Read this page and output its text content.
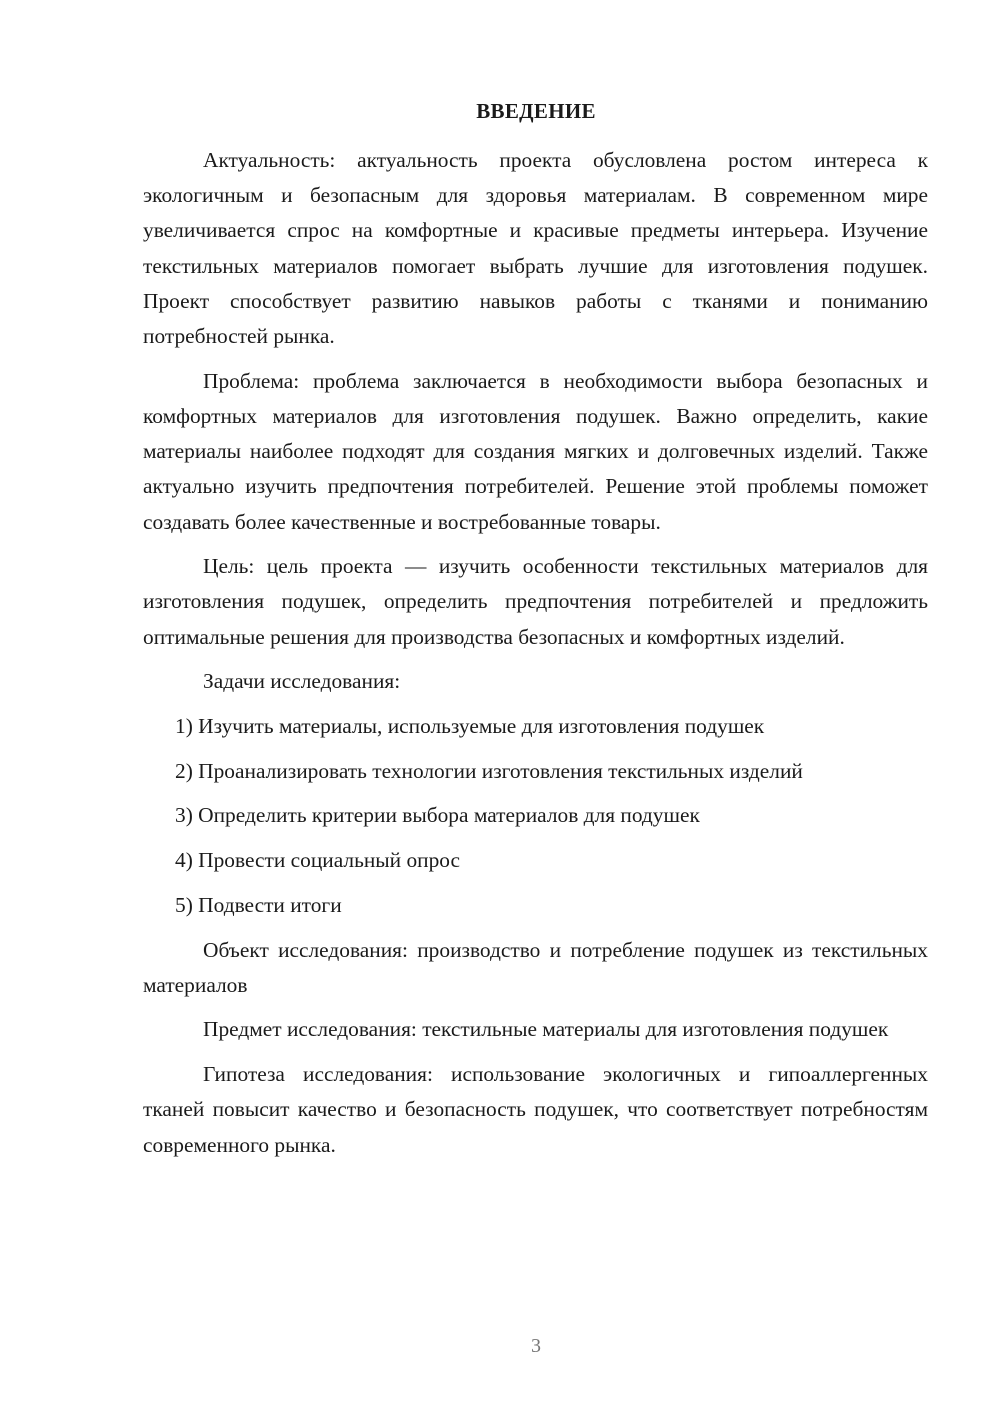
ВВЕДЕНИЕ

Актуальность: актуальность проекта обусловлена ростом интереса к экологичным и безопасным для здоровья материалам. В современном мире увеличивается спрос на комфортные и красивые предметы интерьера. Изучение текстильных материалов помогает выбрать лучшие для изготовления подушек. Проект способствует развитию навыков работы с тканями и пониманию потребностей рынка.

Проблема: проблема заключается в необходимости выбора безопасных и комфортных материалов для изготовления подушек. Важно определить, какие материалы наиболее подходят для создания мягких и долговечных изделий. Также актуально изучить предпочтения потребителей. Решение этой проблемы поможет создавать более качественные и востребованные товары.

Цель: цель проекта — изучить особенности текстильных материалов для изготовления подушек, определить предпочтения потребителей и предложить оптимальные решения для производства безопасных и комфортных изделий.

Задачи исследования:

1) Изучить материалы, используемые для изготовления подушек
2) Проанализировать технологии изготовления текстильных изделий
3) Определить критерии выбора материалов для подушек
4) Провести социальный опрос
5) Подвести итоги

Объект исследования: производство и потребление подушек из текстильных материалов

Предмет исследования: текстильные материалы для изготовления подушек

Гипотеза исследования: использование экологичных и гипоаллергенных тканей повысит качество и безопасность подушек, что соответствует потребностям современного рынка.

3
